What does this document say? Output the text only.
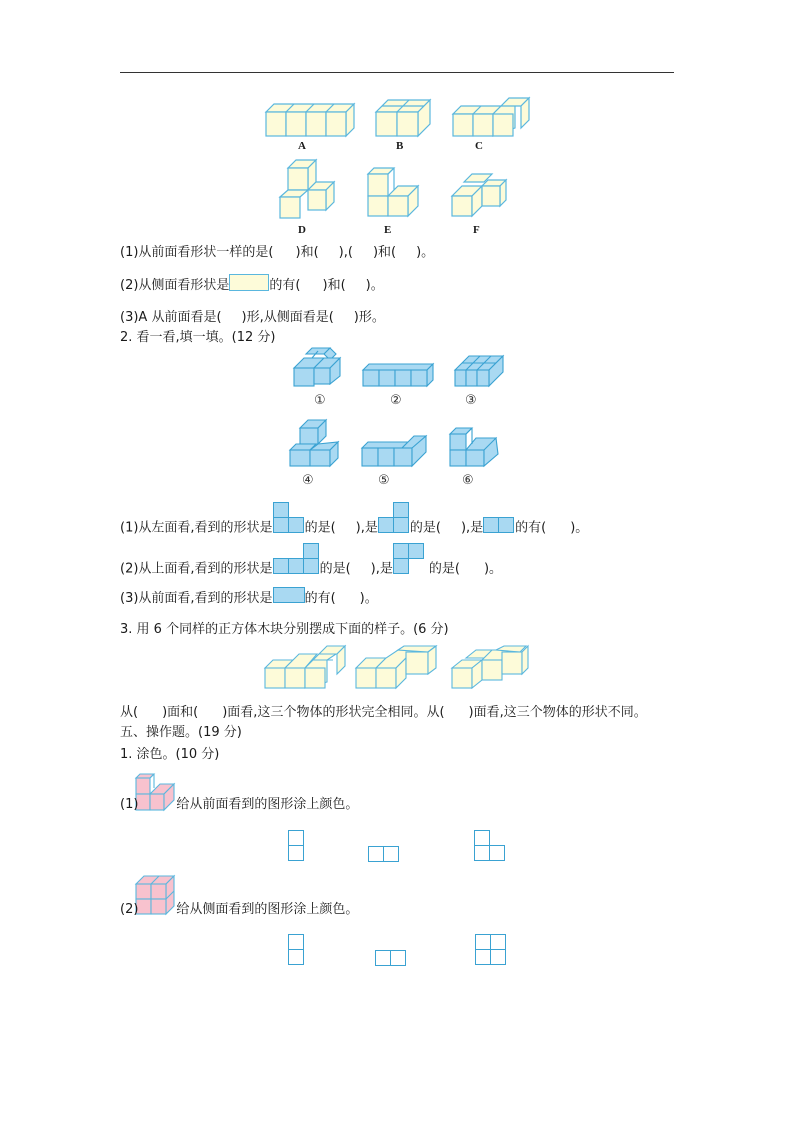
A	B	C
D	E	F
(1)从前面看形状一样的是( )和( ),( )和( )。
(2)从侧面看形状是	的有( )和( )。
(3)A 从前面看是( )形,从侧面看是( )形。
2. 看一看,填一填。(12 分)
①	②	③
④	⑤	⑥
(1)从左面看,看到的形状是 的是( ),是 的是( ),是 的有( )。
(2)从上面看,看到的形状是	的是( ),是	的是( )。
(3)从前面看,看到的形状是 的有( )。
3. 用 6 个同样的正方体木块分别摆成下面的样子。(6 分)
从( )面和( )面看,这三个物体的形状完全相同。从( )面看,这三个物体的形状不同。
五、操作题。(19 分)
1. 涂色。(10 分)
(1)	给从前面看到的图形涂上颜色。
(2)	给从侧面看到的图形涂上颜色。
